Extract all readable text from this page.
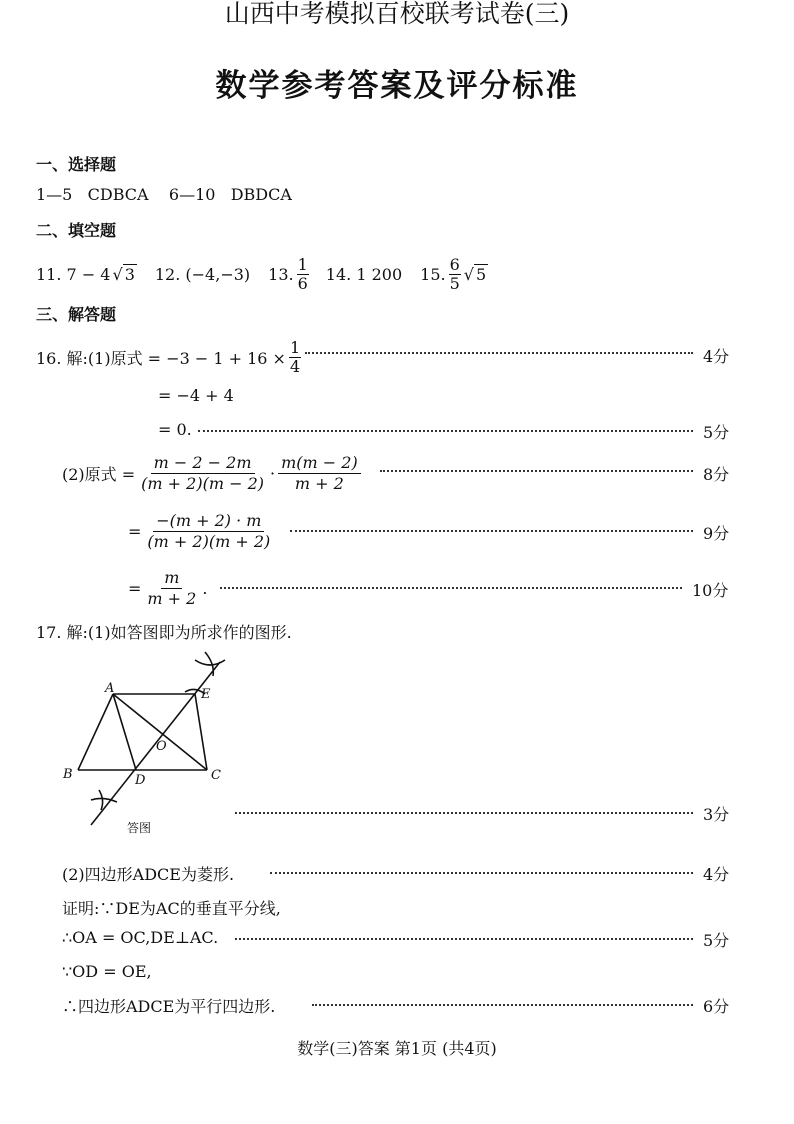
山西中考模拟百校联考试卷(三)
数学参考答案及评分标准
一、选择题
1—5 CDBCA 6—10 DBDCA
二、填空题
11.
7 − 4 √ 3 12. (−4,−3) 13. $\frac{1}{6} 14$. 1 200 15. $\frac{6}{5}$ √ 5
三、解答题
16. 解:(1)原式 = $-3 - 1 + 16 \times \frac{1}{4}$	4分
= −4 + 4
= 0.	5分
(2)原式 = $\frac{m - 2 - 2m}{(m + 2)(m - 2)} \cdot \frac{m(m - 2)}{m + 2}$	8分
= $\frac{-(m + 2) \cdot m}{(m + 2)(m + 2)}$	9分
= $\frac{m}{m + 2}$ .	10分
17. 解:(1)如答图即为所求作的图形.
A	E
O
B	D	C
答图
3分
(2)四边形ADCE为菱形.	4分
证明:∵DE为AC的垂直平分线,
∴OA = OC,DE⊥AC.	5分
∵OD = OE,
∴四边形ADCE为平行四边形.	6分
数学(三)答案 第1页 (共4页)
